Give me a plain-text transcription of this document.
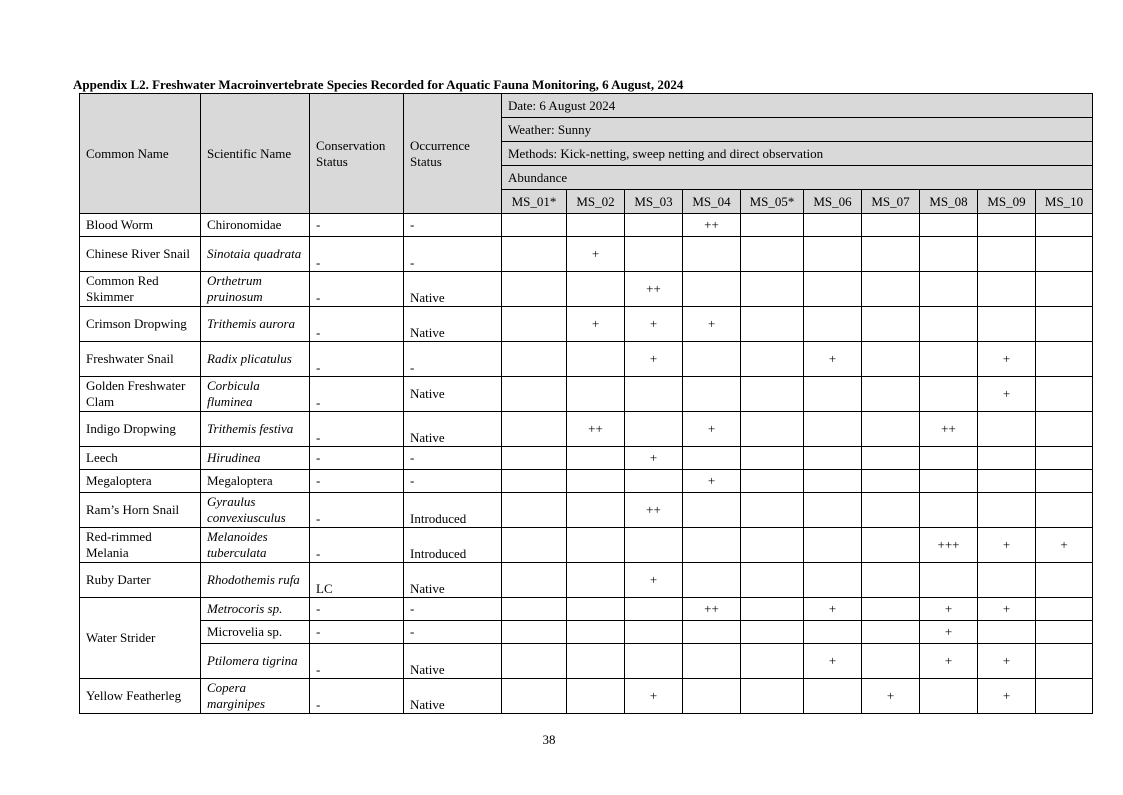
Appendix L2. Freshwater Macroinvertebrate Species Recorded for Aquatic Fauna Monitoring, 6 August, 2024
Common Name	Scientific Name	Conservation Status	Occurrence Status	Date: 6 August 2024									
				Weather: Sunny									
				Methods: Kick-netting, sweep netting and direct observation									
				Abundance									
				MS_01*	MS_02	MS_03	MS_04	MS_05*	MS_06	MS_07	MS_08	MS_09	MS_10
Blood Worm	Chironomidae	-	-				++						
Chinese River Snail	Sinotaia quadrata	-	-		+								
Common Red Skimmer	Orthetrum pruinosum	-	Native			++							
Crimson Dropwing	Trithemis aurora	-	Native		+	+	+						
Freshwater Snail	Radix plicatulus	-	-			+			+			+	
Golden Freshwater Clam	Corbicula fluminea	-	Native									+	
Indigo Dropwing	Trithemis festiva	-	Native		++		+				++		
Leech	Hirudinea	-	-			+							
Megaloptera	Megaloptera	-	-				+						
Ram’s Horn Snail	Gyraulus convexiusculus	-	Introduced			++							
Red-rimmed Melania	Melanoides tuberculata	-	Introduced								+++	+	+
Ruby Darter	Rhodothemis rufa	LC	Native			+							
Water Strider	Metrocoris sp.	-	-				++		+		+	+	
	Microvelia sp.	-	-								+		
	Ptilomera tigrina	-	Native						+		+	+	
Yellow Featherleg	Copera marginipes	-	Native			+				+		+	
38
